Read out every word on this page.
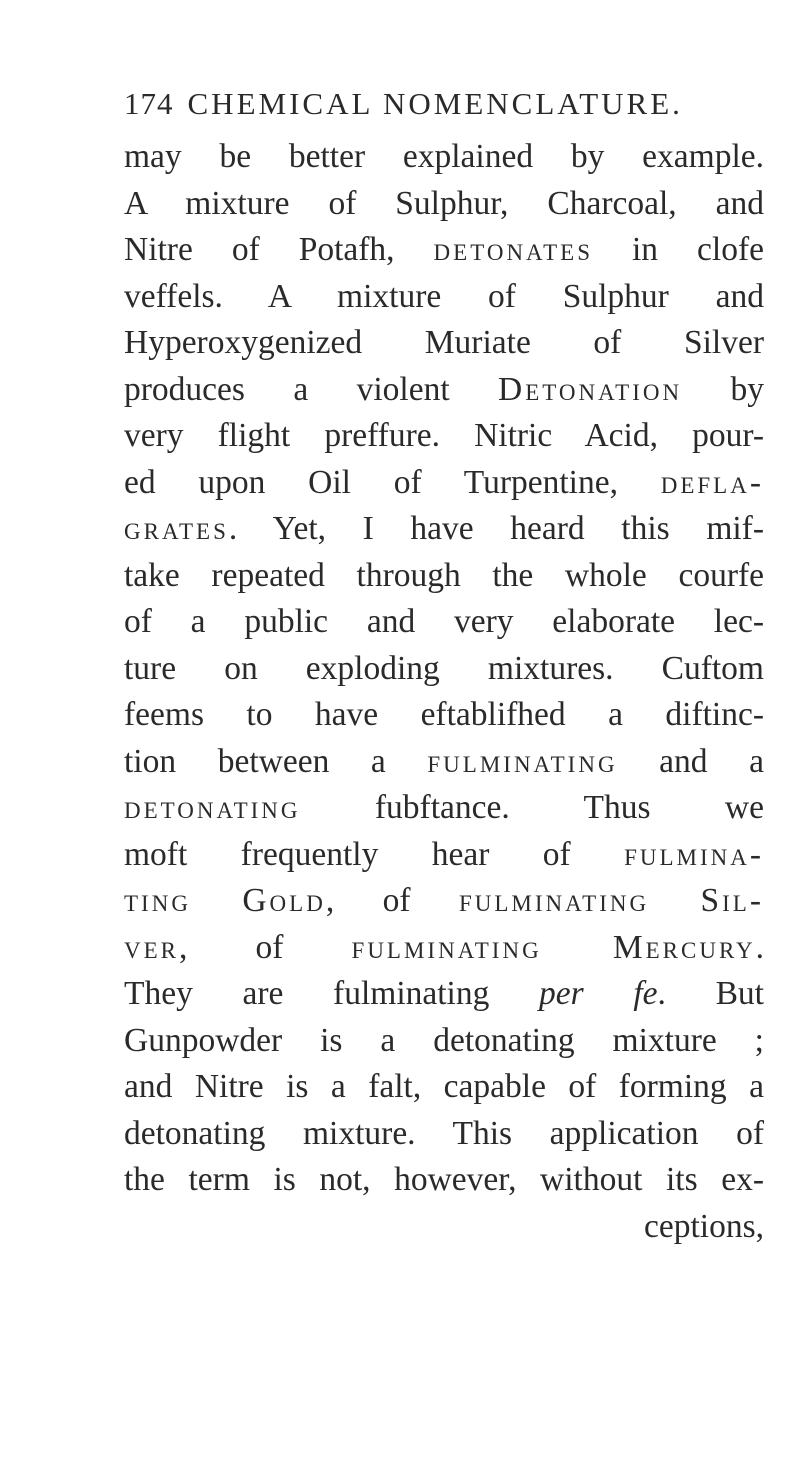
174 CHEMICAL NOMENCLATURE.
may be better explained by example.
A mixture of Sulphur, Charcoal, and
Nitre of Potafh, detonates in clofe
veffels. A mixture of Sulphur and
Hyperoxygenized Muriate of Silver
produces a violent Detonation by
very flight preffure. Nitric Acid, pour-
ed upon Oil of Turpentine, defla-
grates. Yet, I have heard this mif-
take repeated through the whole courfe
of a public and very elaborate lec-
ture on exploding mixtures. Cuftom
feems to have eftablifhed a diftinc-
tion between a fulminating and a
detonating fubftance. Thus we
moft frequently hear of fulmina-
ting Gold, of fulminating Sil-
ver, of fulminating Mercury.
They are fulminating per fe. But
Gunpowder is a detonating mixture ;
and Nitre is a falt, capable of forming a
detonating mixture. This application of
the term is not, however, without its ex-
ceptions,
